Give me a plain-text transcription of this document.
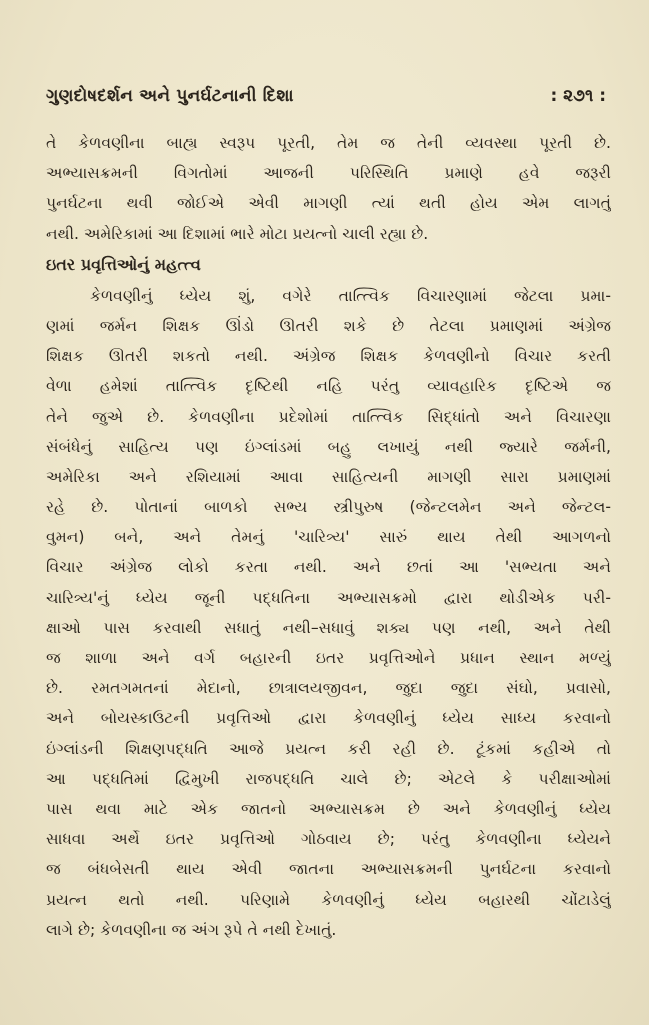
ગુણદોષદર્શન અને પુનર્ઘટનાની દિશા	: ૨૭૧ :
તે કેળવણીના બાહ્ય સ્વરૂપ પૂરતી, તેમ જ તેની વ્યવસ્થા પૂરતી છે.
અભ્યાસક્રમની વિગતોમાં આજની પરિસ્થિતિ પ્રમાણે હવે જરૂરી
પુનર્ઘટના થવી જોઈએ એવી માગણી ત્યાં થતી હોય એમ લાગતું
નથી. અમેરિકામાં આ દિશામાં ભારે મોટા પ્રયત્નો ચાલી રહ્યા છે.
ઇતર પ્રવૃત્તિઓનું મહત્ત્વ
કેળવણીનું ધ્યેય શું, વગેરે તાત્ત્વિક વિચારણામાં જેટલા પ્રમા-
ણમાં જર્મન શિક્ષક ઊંડો ઊતરી શકે છે તેટલા પ્રમાણમાં અંગ્રેજ
શિક્ષક ઊતરી શકતો નથી. અંગ્રેજ શિક્ષક કેળવણીનો વિચાર કરતી
વેળા હમેશાં તાત્ત્વિક દૃષ્ટિથી નહિ પરંતુ વ્યાવહારિક દૃષ્ટિએ જ
તેને જુએ છે. કેળવણીના પ્રદેશોમાં તાત્ત્વિક સિદ્ધાંતો અને વિચારણા
સંબંધેનું સાહિત્ય પણ ઇંગ્લાંડમાં બહુ લખાયું નથી જ્યારે જર્મની,
અમેરિકા અને રશિયામાં આવા સાહિત્યની માગણી સારા પ્રમાણમાં
રહે છે. પોતાનાં બાળકો સભ્ય સ્ત્રીપુરુષ (જેન્ટલમેન અને જેન્ટલ-
વુમન) બને, અને તેમનું 'ચારિત્ર્ય' સારું થાય તેથી આગળનો
વિચાર અંગ્રેજ લોકો કરતા નથી. અને છતાં આ 'સભ્યતા અને
ચારિત્ર્ય'નું ધ્યેય જૂની પદ્ધતિના અભ્યાસક્રમો દ્વારા થોડીએક પરી-
ક્ષાઓ પાસ કરવાથી સધાતું નથી–સધાવું શક્ય પણ નથી, અને તેથી
જ શાળા અને વર્ગ બહારની ઇતર પ્રવૃત્તિઓને પ્રધાન સ્થાન મળ્યું
છે. રમતગમતનાં મેદાનો, છાત્રાલયજીવન, જુદા જુદા સંઘો, પ્રવાસો,
અને બોયસ્કાઉટની પ્રવૃત્તિઓ દ્વારા કેળવણીનું ધ્યેય સાધ્ય કરવાનો
ઇંગ્લાંડની શિક્ષણપદ્ધતિ આજે પ્રયત્ન કરી રહી છે. ટૂંકમાં કહીએ તો
આ પદ્ધતિમાં દ્વિમુખી રાજપદ્ધતિ ચાલે છે; એટલે કે પરીક્ષાઓમાં
પાસ થવા માટે એક જાતનો અભ્યાસક્રમ છે અને કેળવણીનું ધ્યેય
સાધવા અર્થે ઇતર પ્રવૃત્તિઓ ગોઠવાય છે; પરંતુ કેળવણીના ધ્યેયને
જ બંધબેસતી થાય એવી જાતના અભ્યાસક્રમની પુનર્ઘટના કરવાનો
પ્રયત્ન થતો નથી. પરિણામે કેળવણીનું ધ્યેય બહારથી ચોંટાડેલું
લાગે છે; કેળવણીના જ અંગ રૂપે તે નથી દેખાતું.
